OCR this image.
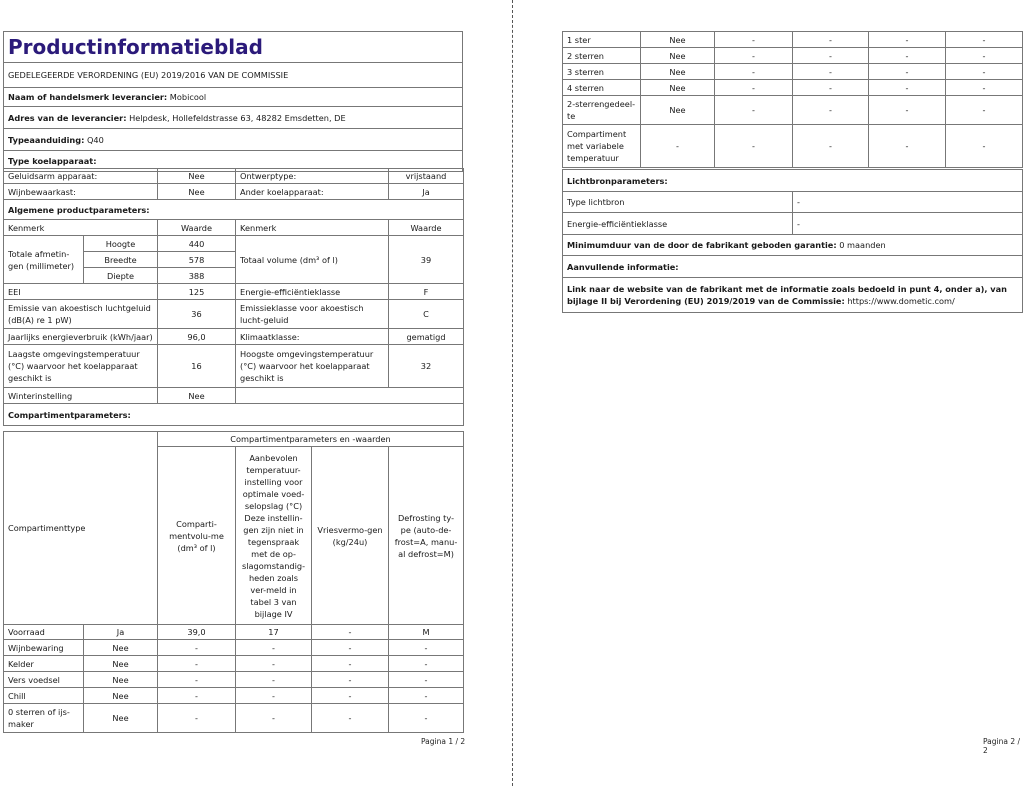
Productinformatieblad
GEDELEGEERDE VERORDENING (EU) 2019/2016 VAN DE COMMISSIE
Naam of handelsmerk leverancier: Mobicool
Adres van de leverancier: Helpdesk, Hollefeldstrasse 63, 48282 Emsdetten, DE
Typeaanduiding: Q40
Type koelapparaat:
Geluidsarm apparaat:		Nee	Ontwerptype:	vrijstaand
Wijnbewaarkast:		Nee	Ander koelapparaat:	Ja
Algemene productparameters:				
Kenmerk		Waarde	Kenmerk	Waarde
Totale afmetin-gen (millimeter)	Hoogte	440	Totaal volume (dm³ of l)	39
	Breedte	578		
	Diepte	388		
EEI		125	Energie-efficiëntieklasse	F
Emissie van akoestisch luchtgeluid (dB(A) re 1 pW)		36	Emissieklasse voor akoestisch lucht-geluid	C
Jaarlijks energieverbruik (kWh/jaar)		96,0	Klimaatklasse:	gematigd
Laagste omgevingstemperatuur (°C) waarvoor het koelapparaat geschikt is		16	Hoogste omgevingstemperatuur (°C) waarvoor het koelapparaat geschikt is	32
Winterinstelling		Nee		
Compartimentparameters:				
Compartimenttype		Compartimentparameters en -waarden			
		Comparti-mentvolu-me (dm³ of l)	Aanbevolen temperatuur-instelling voor optimale voed-selopslag (°C) Deze instellin-gen zijn niet in tegenspraak met de op-slagomstandig-heden zoals ver-meld in tabel 3 van bijlage IV	Vriesvermo-gen (kg/24u)	Defrosting ty-pe (auto-de-frost=A, manu-al defrost=M)
Voorraad	Ja	39,0	17	-	M
Wijnbewaring	Nee	-	-	-	-
Kelder	Nee	-	-	-	-
Vers voedsel	Nee	-	-	-	-
Chill	Nee	-	-	-	-
0 sterren of ijs-maker	Nee	-	-	-	-
Pagina 1 / 2
1 ster	Nee	-	-	-	-
2 sterren	Nee	-	-	-	-
3 sterren	Nee	-	-	-	-
4 sterren	Nee	-	-	-	-
2-sterrengedeel-te	Nee	-	-	-	-
Compartiment met variabele temperatuur	-	-	-	-	-
Lichtbronparameters:	
Type lichtbron	-
Energie-efficiëntieklasse	-
Minimumduur van de door de fabrikant geboden garantie: 0 maanden	
Aanvullende informatie:	
Link naar de website van de fabrikant met de informatie zoals bedoeld in punt 4, onder a), van bijlage II bij Verordening (EU) 2019/2019 van de Commissie: https://www.dometic.com/	
Pagina 2 / 2
